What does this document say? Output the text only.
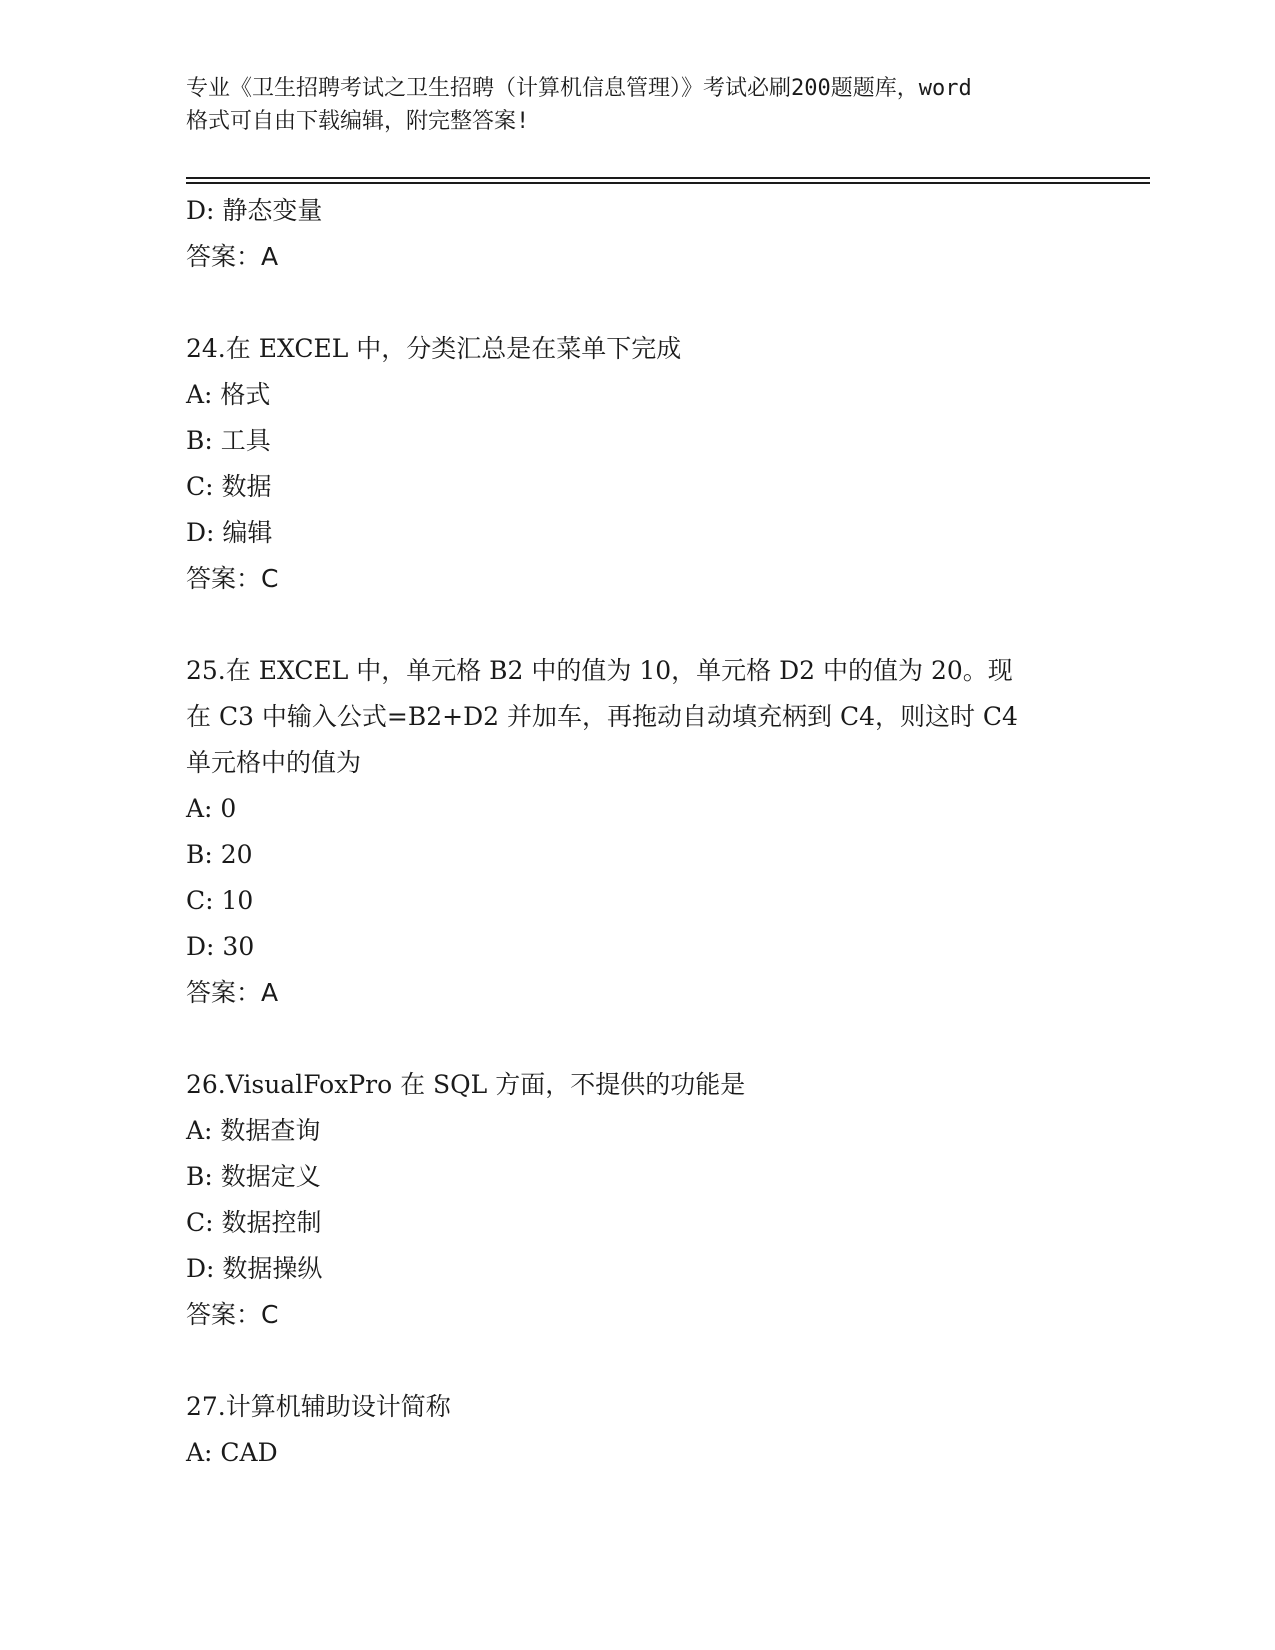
专业《卫生招聘考试之卫生招聘（计算机信息管理）》考试必刷200题题库，word
格式可自由下载编辑，附完整答案!
D: 静态变量
答案：A
24.在 EXCEL 中，分类汇总是在菜单下完成
A: 格式
B: 工具
C: 数据
D: 编辑
答案：C
25.在 EXCEL 中，单元格 B2 中的值为 10，单元格 D2 中的值为 20。现
在 C3 中输入公式=B2+D2 并加车，再拖动自动填充柄到 C4，则这时 C4
单元格中的值为
A: 0
B: 20
C: 10
D: 30
答案：A
26.VisualFoxPro 在 SQL 方面，不提供的功能是
A: 数据查询
B: 数据定义
C: 数据控制
D: 数据操纵
答案：C
27.计算机辅助设计简称
A: CAD
